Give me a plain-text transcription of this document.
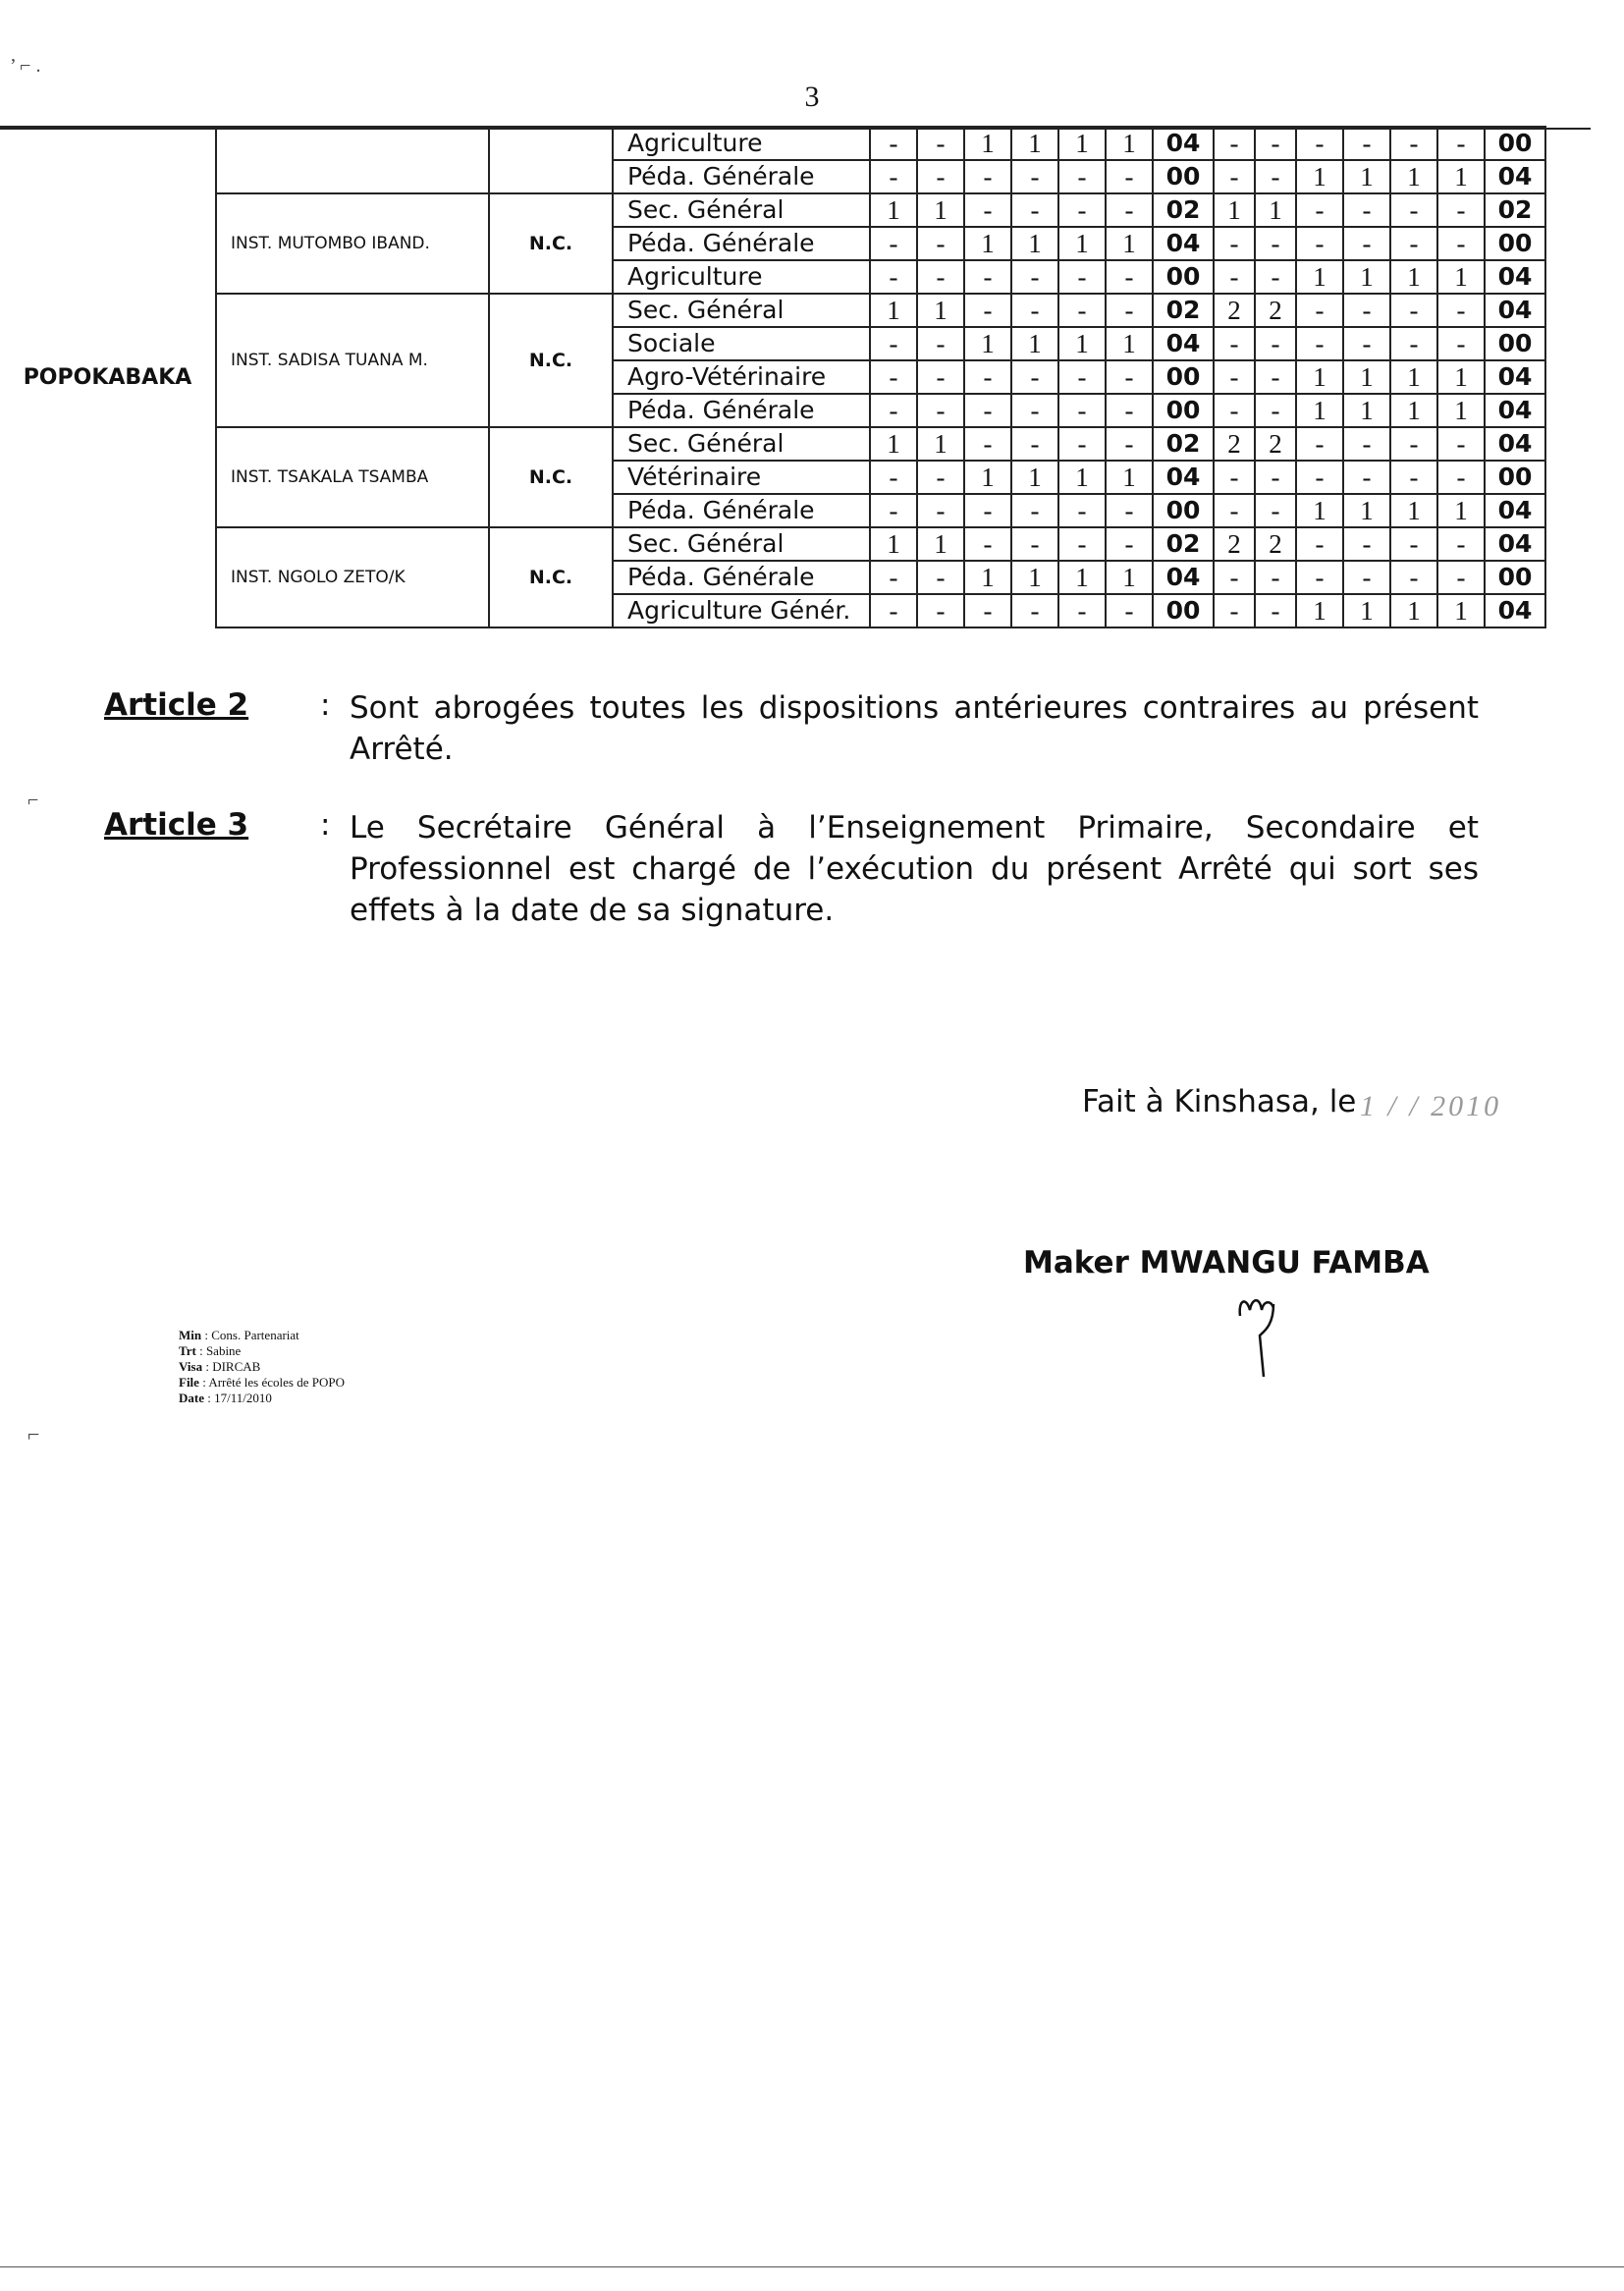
’ ⌐ .
⌐
⌐
3
POPOKABAKA			Agriculture	-	-	1	1	1	1	04	-	-	-	-	-	-	00
			Péda. Générale	-	-	-	-	-	-	00	-	-	1	1	1	1	04
	INST. MUTOMBO IBAND.	N.C.	Sec. Général	1	1	-	-	-	-	02	1	1	-	-	-	-	02
			Péda. Générale	-	-	1	1	1	1	04	-	-	-	-	-	-	00
			Agriculture	-	-	-	-	-	-	00	-	-	1	1	1	1	04
	INST. SADISA TUANA M.	N.C.	Sec. Général	1	1	-	-	-	-	02	2	2	-	-	-	-	04
			Sociale	-	-	1	1	1	1	04	-	-	-	-	-	-	00
			Agro-Vétérinaire	-	-	-	-	-	-	00	-	-	1	1	1	1	04
			Péda. Générale	-	-	-	-	-	-	00	-	-	1	1	1	1	04
	INST. TSAKALA TSAMBA	N.C.	Sec. Général	1	1	-	-	-	-	02	2	2	-	-	-	-	04
			Vétérinaire	-	-	1	1	1	1	04	-	-	-	-	-	-	00
			Péda. Générale	-	-	-	-	-	-	00	-	-	1	1	1	1	04
	INST. NGOLO ZETO/K	N.C.	Sec. Général	1	1	-	-	-	-	02	2	2	-	-	-	-	04
			Péda. Générale	-	-	1	1	1	1	04	-	-	-	-	-	-	00
			Agriculture Génér.	-	-	-	-	-	-	00	-	-	1	1	1	1	04
Article 2 : Sont abrogées toutes les dispositions antérieures contraires au présent Arrêté.
Article 3 : Le Secrétaire Général à l’Enseignement Primaire, Secondaire et Professionnel est chargé de l’exécution du présent Arrêté qui sort ses effets à la date de sa signature.
Fait à Kinshasa, le 1 / / 2010
Maker MWANGU FAMBA
Min : Cons. Partenariat
Trt : Sabine
Visa : DIRCAB
File : Arrêté les écoles de POPO
Date : 17/11/2010
